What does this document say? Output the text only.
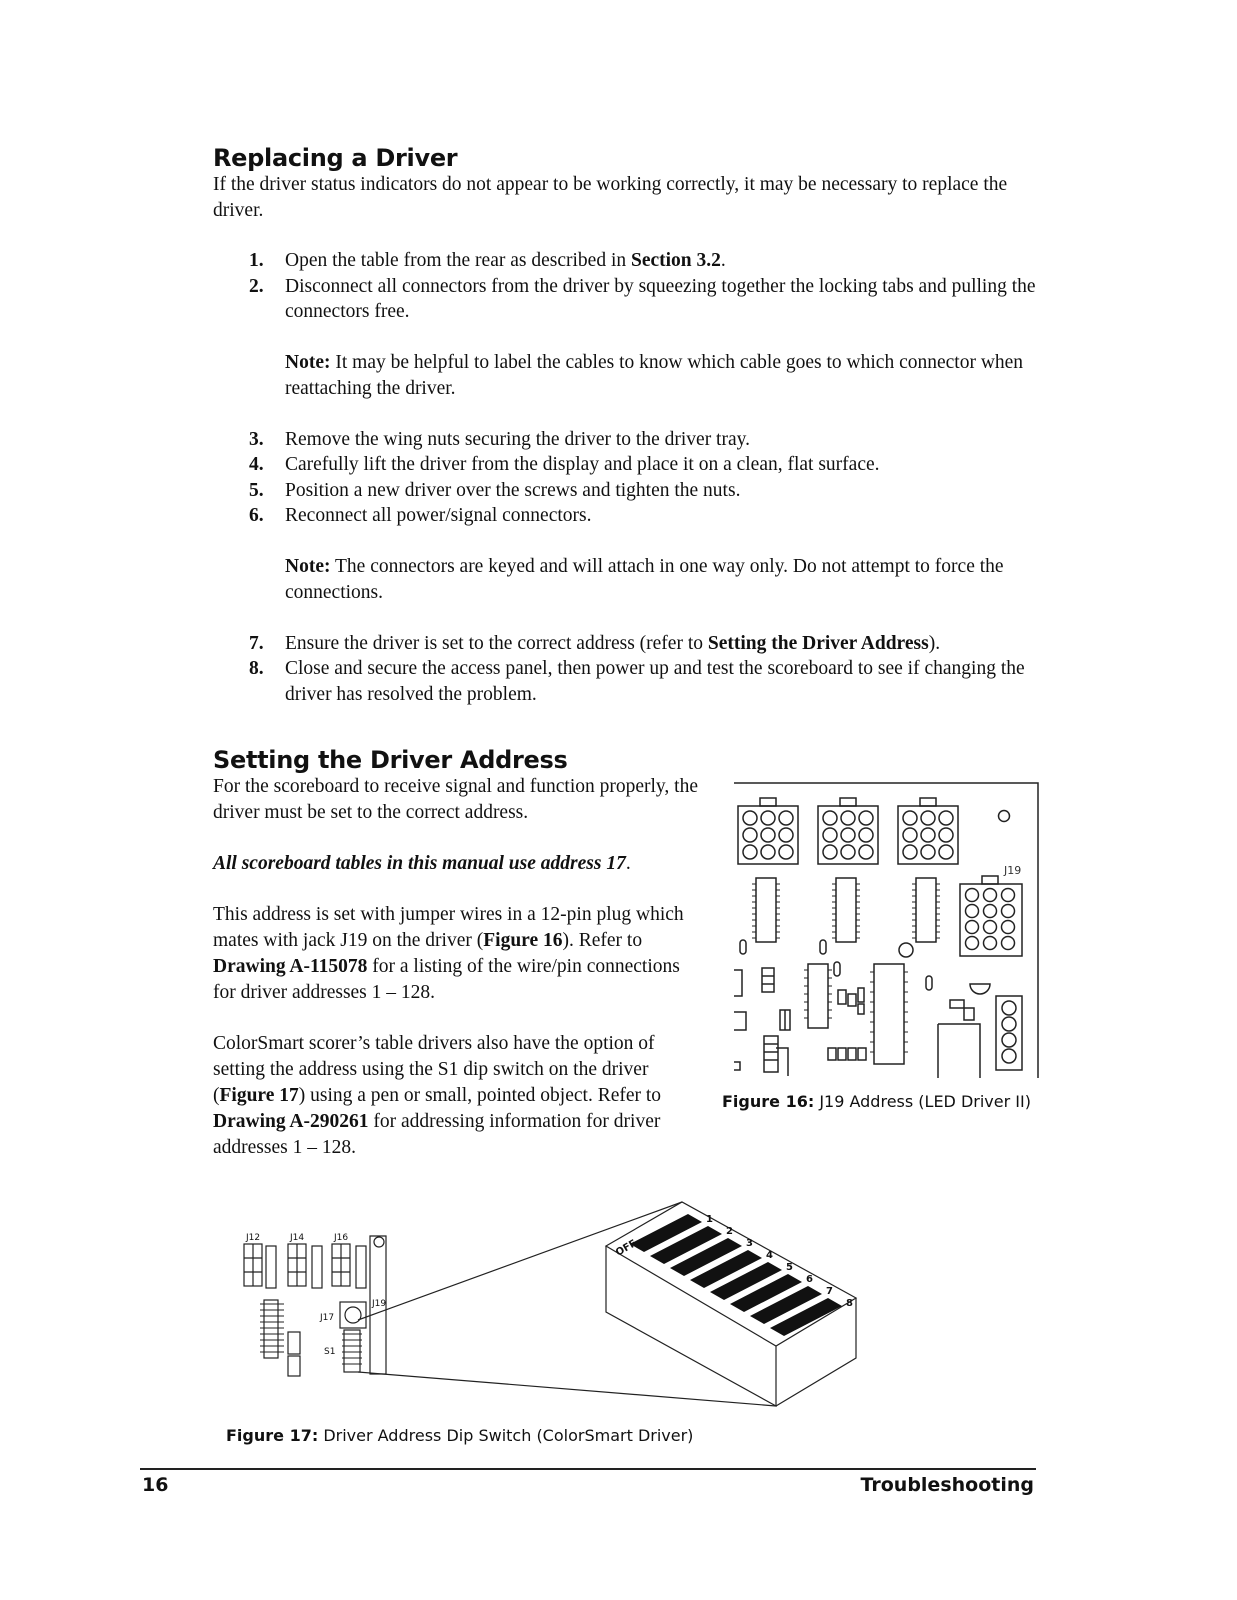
Replacing a Driver

If the driver status indicators do not appear to be working correctly, it may be necessary to replace the driver.

1. Open the table from the rear as described in Section 3.2.
2. Disconnect all connectors from the driver by squeezing together the locking tabs and pulling the connectors free.
Note: It may be helpful to label the cables to know which cable goes to which connector when reattaching the driver.
3. Remove the wing nuts securing the driver to the driver tray.
4. Carefully lift the driver from the display and place it on a clean, flat surface.
5. Position a new driver over the screws and tighten the nuts.
6. Reconnect all power/signal connectors.
Note: The connectors are keyed and will attach in one way only. Do not attempt to force the connections.
7. Ensure the driver is set to the correct address (refer to Setting the Driver Address).
8. Close and secure the access panel, then power up and test the scoreboard to see if changing the driver has resolved the problem.
Setting the Driver Address

For the scoreboard to receive signal and function properly, the driver must be set to the correct address.

All scoreboard tables in this manual use address 17.

This address is set with jumper wires in a 12-pin plug which mates with jack J19 on the driver (Figure 16). Refer to Drawing A-115078 for a listing of the wire/pin connections for driver addresses 1 – 128.

ColorSmart scorer’s table drivers also have the option of setting the address using the S1 dip switch on the driver (Figure 17) using a pen or small, pointed object. Refer to Drawing A-290261 for addressing information for driver addresses 1 – 128.

J19

Figure 16: J19 Address (LED Driver II)

J12	J14	J16
J17
J19
S1
OFF
1
2
3
4
5
6
7
8

Figure 17: Driver Address Dip Switch (ColorSmart Driver)

16	Troubleshooting
